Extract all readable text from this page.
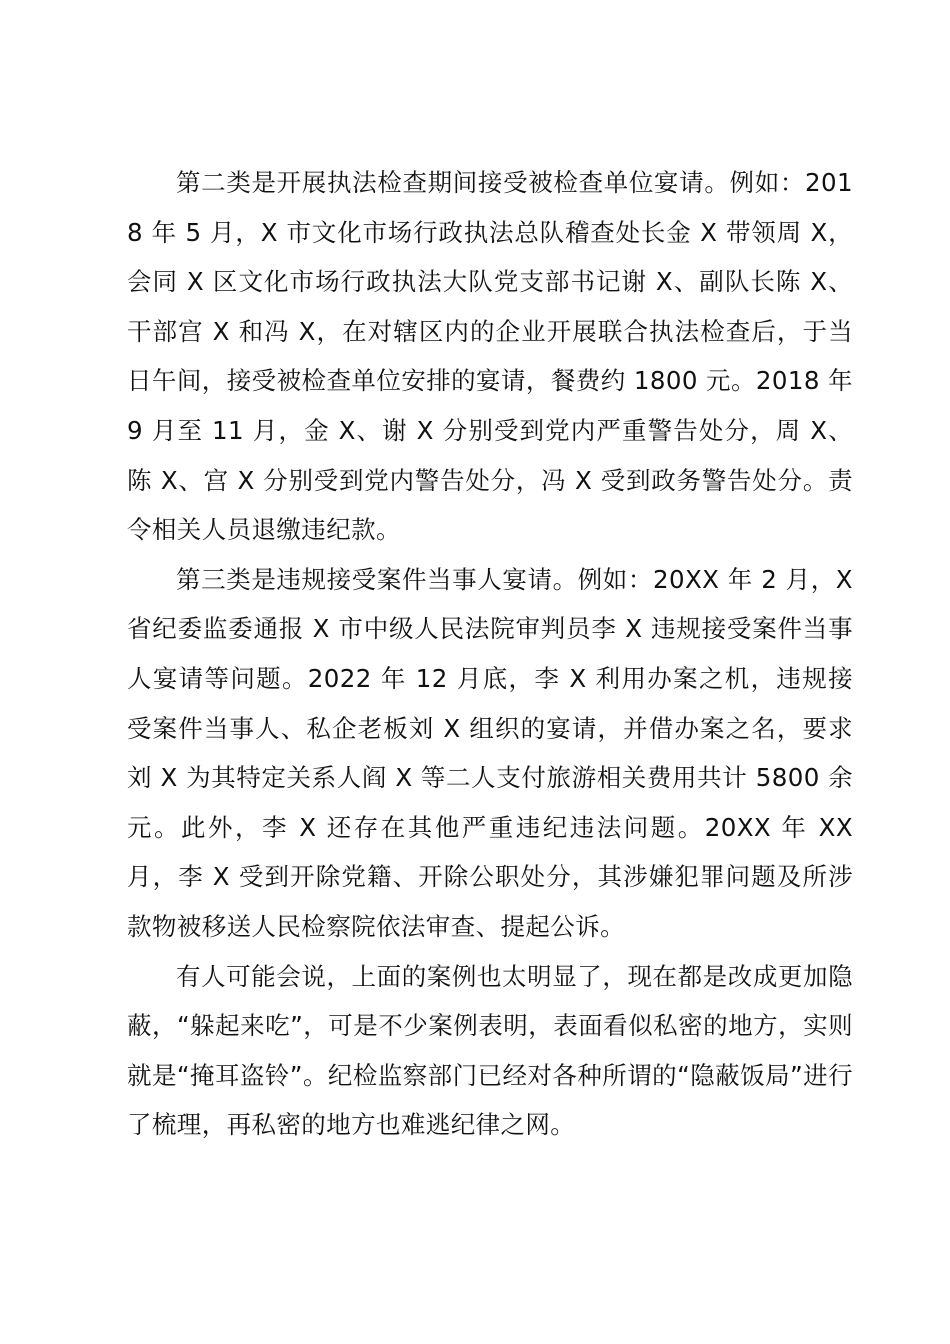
第二类是开展执法检查期间接受被检查单位宴请。例如：2018 年 5 月，X 市文化市场行政执法总队稽查处长金 X 带领周 X，会同 X 区文化市场行政执法大队党支部书记谢 X、副队长陈 X、干部宫 X 和冯 X，在对辖区内的企业开展联合执法检查后，于当日午间，接受被检查单位安排的宴请，餐费约 1800 元。2018 年 9 月至 11 月，金 X、谢 X 分别受到党内严重警告处分，周 X、陈 X、宫 X 分别受到党内警告处分，冯 X 受到政务警告处分。责令相关人员退缴违纪款。

第三类是违规接受案件当事人宴请。例如：20XX 年 2 月，X 省纪委监委通报 X 市中级人民法院审判员李 X 违规接受案件当事人宴请等问题。2022 年 12 月底，李 X 利用办案之机，违规接受案件当事人、私企老板刘 X 组织的宴请，并借办案之名，要求刘 X 为其特定关系人阎 X 等二人支付旅游相关费用共计 5800 余元。此外，李 X 还存在其他严重违纪违法问题。20XX 年 XX 月，李 X 受到开除党籍、开除公职处分，其涉嫌犯罪问题及所涉款物被移送人民检察院依法审查、提起公诉。

有人可能会说，上面的案例也太明显了，现在都是改成更加隐蔽，“躲起来吃”，可是不少案例表明，表面看似私密的地方，实则就是“掩耳盗铃”。纪检监察部门已经对各种所谓的“隐蔽饭局”进行了梳理，再私密的地方也难逃纪律之网。
